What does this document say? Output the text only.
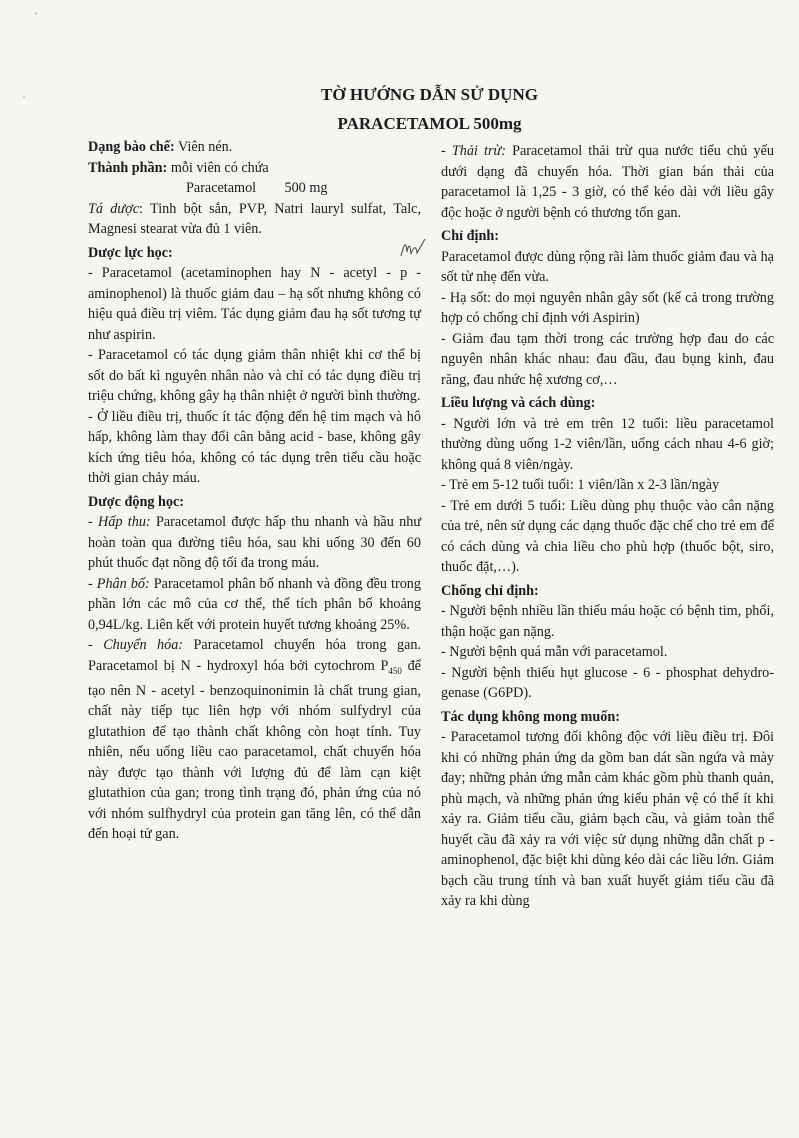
`
·	TỜ HƯỚNG DẪN SỬ DỤNG
PARACETAMOL 500mg

Dạng bào chế: Viên nén.

Thành phần: mỗi viên có chứa

Paracetamol        500 mg

Tá dược: Tinh bột sắn, PVP, Natri lauryl sulfat, Talc, Magnesi stearat vừa đủ 1 viên.

Dược lực học:

- Paracetamol (acetaminophen hay N - acetyl - p - aminophenol) là thuốc giảm đau – hạ sốt nhưng không có hiệu quả điều trị viêm. Tác dụng giảm đau hạ sốt tương tự như aspirin.

- Paracetamol có tác dụng giảm thân nhiệt khi cơ thể bị sốt do bất kì nguyên nhân nào và chỉ có tác dụng điều trị triệu chứng, không gây hạ thân nhiệt ở người bình thường.

- Ở liều điều trị, thuốc ít tác động đến hệ tim mạch và hô hấp, không làm thay đổi cân bằng acid - base, không gây kích ứng tiêu hóa, không có tác dụng trên tiểu cầu hoặc thời gian chảy máu.

Dược động học:

- Hấp thu: Paracetamol được hấp thu nhanh và hầu như hoàn toàn qua đường tiêu hóa, sau khi uống 30 đến 60 phút thuốc đạt nồng độ tối đa trong máu.

- Phân bố: Paracetamol phân bố nhanh và đồng đều trong phần lớn các mô của cơ thể, thể tích phân bố khoảng 0,94L/kg. Liên kết với protein huyết tương khoảng 25%.

- Chuyển hóa: Paracetamol chuyển hóa trong gan. Paracetamol bị N - hydroxyl hóa bởi cytochrom $P_{450}$ để tạo nên N - acetyl - benzoquinonimin là chất trung gian, chất này tiếp tục liên hợp với nhóm sulfydryl của glutathion để tạo thành chất không còn hoạt tính. Tuy nhiên, nếu uống liều cao paracetamol, chất chuyển hóa này được tạo thành với lượng đủ để làm cạn kiệt glutathion của gan; trong tình trạng đó, phản ứng của nó với nhóm sulfhydryl của protein gan tăng lên, có thể dẫn đến hoại tử gan.

- Thải trừ: Paracetamol thải trừ qua nước tiểu chủ yếu dưới dạng đã chuyển hóa. Thời gian bán thải của paracetamol là 1,25 - 3 giờ, có thể kéo dài với liều gây độc hoặc ở người bệnh có thương tổn gan.

Chỉ định:

Paracetamol được dùng rộng rãi làm thuốc giảm đau và hạ sốt từ nhẹ đến vừa.

- Hạ sốt: do mọi nguyên nhân gây sốt (kể cả trong trường hợp có chống chỉ định với Aspirin)

- Giảm đau tạm thời trong các trường hợp đau do các nguyên nhân khác nhau: đau đầu, đau bụng kinh, đau răng, đau nhức hệ xương cơ,…

Liều lượng và cách dùng:

- Người lớn và trẻ em trên 12 tuổi: liều paracetamol thường dùng uống 1-2 viên/lần, uống cách nhau 4-6 giờ; không quá 8 viên/ngày.

- Trẻ em 5-12 tuổi tuổi: 1 viên/lần x 2-3 lần/ngày

- Trẻ em dưới 5 tuổi: Liều dùng phụ thuộc vào cân nặng của trẻ, nên sử dụng các dạng thuốc đặc chế cho trẻ em để có cách dùng và chia liều cho phù hợp (thuốc bột, siro, thuốc đặt,…).

Chống chỉ định:

- Người bệnh nhiều lần thiếu máu hoặc có bệnh tim, phổi, thận hoặc gan nặng.

- Người bệnh quá mẫn với paracetamol.

- Người bệnh thiếu hụt glucose - 6 - phosphat dehydro-genase (G6PD).

Tác dụng không mong muốn:

- Paracetamol tương đối không độc với liều điều trị. Đôi khi có những phản ứng da gồm ban dát sần ngứa và mày đay; những phản ứng mẫn cảm khác gồm phù thanh quản, phù mạch, và những phản ứng kiểu phản vệ có thể ít khi xảy ra. Giảm tiểu cầu, giảm bạch cầu, và giảm toàn thể huyết cầu đã xảy ra với việc sử dụng những dẫn chất p - aminophenol, đặc biệt khi dùng kéo dài các liều lớn. Giảm bạch cầu trung tính và ban xuất huyết giảm tiểu cầu đã xảy ra khi dùng
